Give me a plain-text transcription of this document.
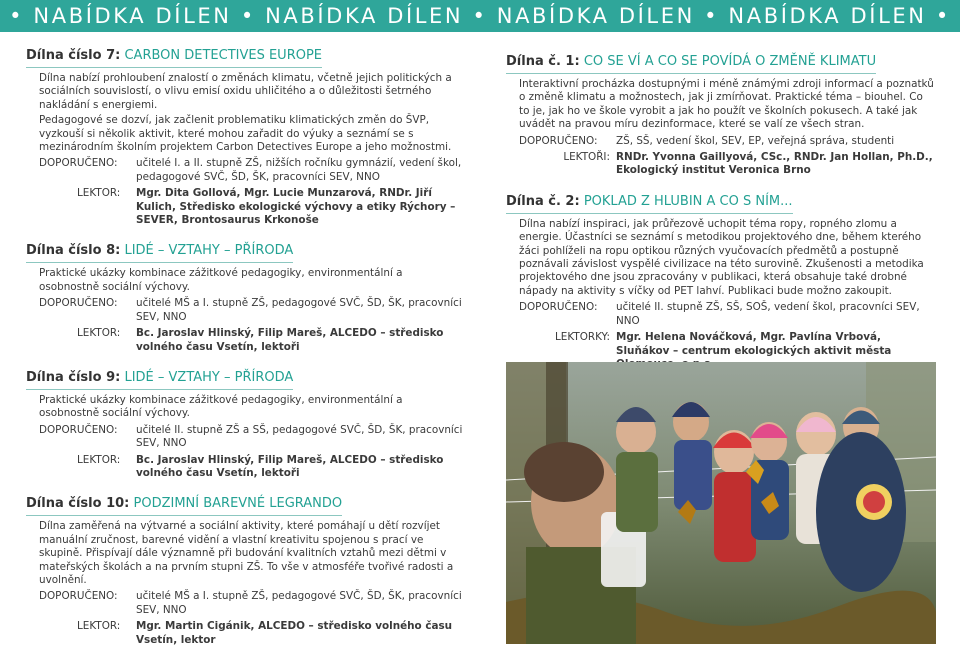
• NABÍDKA DÍLEN • NABÍDKA DÍLEN • NABÍDKA DÍLEN • NABÍDKA DÍLEN •
Dílna číslo 7: CARBON DETECTIVES EUROPE

Dílna nabízí prohloubení znalostí o změnách klimatu, včetně jejich politických a sociálních souvislostí, o vlivu emisí oxidu uhličitého a o důležitosti šetrného nakládání s energiemi.

Pedagogové se dozví, jak začlenit problematiku klimatických změn do ŠVP, vyzkouší si několik aktivit, které mohou zařadit do výuky a seznámí se s mezinárodním školním projektem Carbon Detectives Europe a jeho možnostmi.

DOPORUČENO:	učitelé I. a II. stupně ZŠ, nižších ročníku gymnázií, vedení škol, pedagogové SVČ, ŠD, ŠK, pracovníci SEV, NNO
LEKTOR:	Mgr. Dita Gollová, Mgr. Lucie Munzarová, RNDr. Jiří Kulich, Středisko ekologické výchovy a etiky Rýchory – SEVER, Brontosaurus Krkonoše
Dílna číslo 8: LIDÉ – VZTAHY – PŘÍRODA

Praktické ukázky kombinace zážitkové pedagogiky, environmentální a osobnostně sociální výchovy.

DOPORUČENO:	učitelé MŠ a I. stupně ZŠ, pedagogové SVČ, ŠD, ŠK, pracovníci SEV, NNO
LEKTOR:	Bc. Jaroslav Hlinský, Filip Mareš, ALCEDO – středisko volného času Vsetín, lektoři
Dílna číslo 9: LIDÉ – VZTAHY – PŘÍRODA

Praktické ukázky kombinace zážitkové pedagogiky, environmentální a osobnostně sociální výchovy.

DOPORUČENO:	učitelé II. stupně ZŠ a SŠ, pedagogové SVČ, ŠD, ŠK, pracovníci SEV, NNO
LEKTOR:	Bc. Jaroslav Hlinský, Filip Mareš, ALCEDO – středisko volného času Vsetín, lektoři
Dílna číslo 10: PODZIMNÍ BAREVNÉ LEGRANDO

Dílna zaměřená na výtvarné a sociální aktivity, které pomáhají u dětí rozvíjet manuální zručnost, barevné vidění a vlastní kreativitu spojenou s prací ve skupině. Přispívají dále významně při budování kvalitních vztahů mezi dětmi v mateřských školách a na prvním stupni ZŠ. To vše v atmosféře tvořivé radosti a uvolnění.

DOPORUČENO:	učitelé MŠ a I. stupně ZŠ, pedagogové SVČ, ŠD, ŠK, pracovníci SEV, NNO
LEKTOR:	Mgr. Martin Cigánik, ALCEDO – středisko volného času Vsetín, lektor
Dílna č. 1: CO SE VÍ A CO SE POVÍDÁ O ZMĚNĚ KLIMATU

Interaktivní procházka dostupnými i méně známými zdroji informací a poznatků o změně klimatu a možnostech, jak ji zmírňovat. Praktické téma – biouhel. Co to je, jak ho ve škole vyrobit a jak ho použít ve školních pokusech. A také jak uvádět na pravou míru dezinformace, které se valí ze všech stran.

DOPORUČENO:	ZŠ, SŠ, vedení škol, SEV, EP, veřejná správa, studenti
LEKTOŘI: RNDr. Yvonna Gaillyová, CSc., RNDr. Jan Hollan, Ph.D., Ekologický institut Veronica Brno
Dílna č. 2: POKLAD Z HLUBIN A CO S NÍM...

Dílna nabízí inspiraci, jak průřezově uchopit téma ropy, ropného zlomu a energie. Účastníci se seznámí s metodikou projektového dne, během kterého žáci pohlíželi na ropu optikou různých vyučovacích předmětů a postupně poznávali závislost vyspělé civilizace na této surovině. Zkušenosti a metodika projektového dne jsou zpracovány v publikaci, která obsahuje také drobné nápady na aktivity s víčky od PET lahví. Publikaci bude možno zakoupit.

DOPORUČENO:	učitelé II. stupně ZŠ, SŠ, SOŠ, vedení škol, pracovníci SEV, NNO
LEKTORKY: Mgr. Helena Nováčková, Mgr. Pavlína Vrbová, Sluňákov – centrum ekologických aktivit města
